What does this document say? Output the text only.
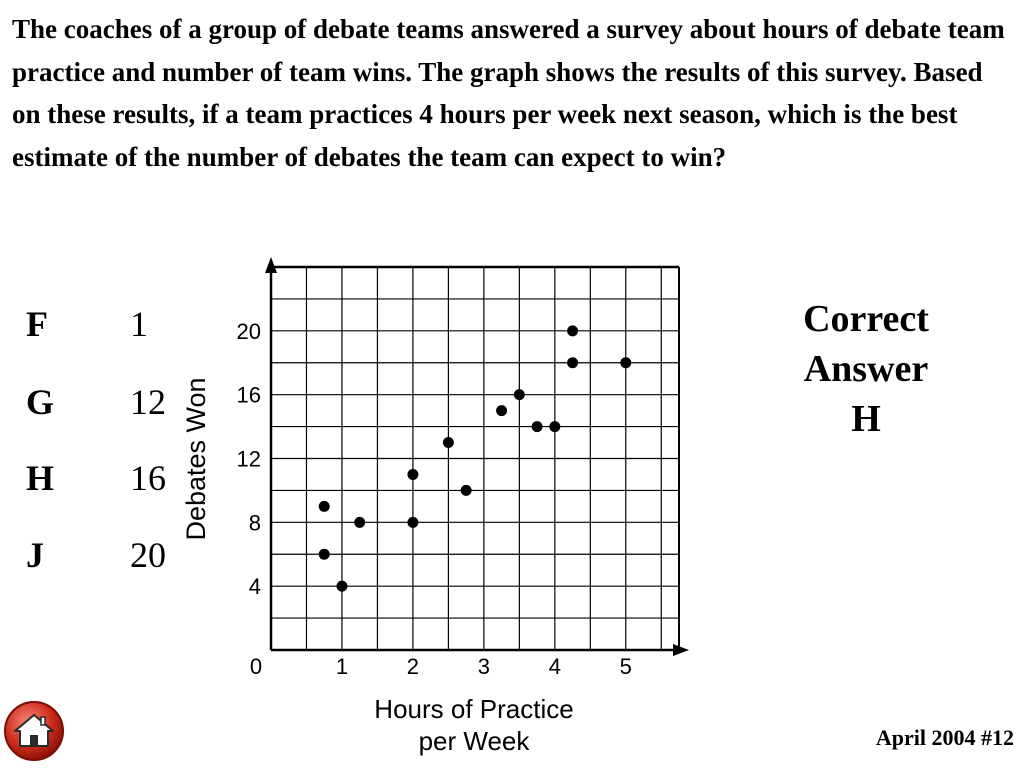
The coaches of a group of debate teams answered a survey about hours of debate team practice and number of team wins. The graph shows the results of this survey. Based on these results, if a team practices 4 hours per week next season, which is the best estimate of the number of debates the team can expect to win?

F 1
G 12
H 16
J 20
Correct
Answer
H
0	1	2	3	4	5
4
8
12
16
20
Debates Won
Hours of Practice
per Week	April 2004 #12
